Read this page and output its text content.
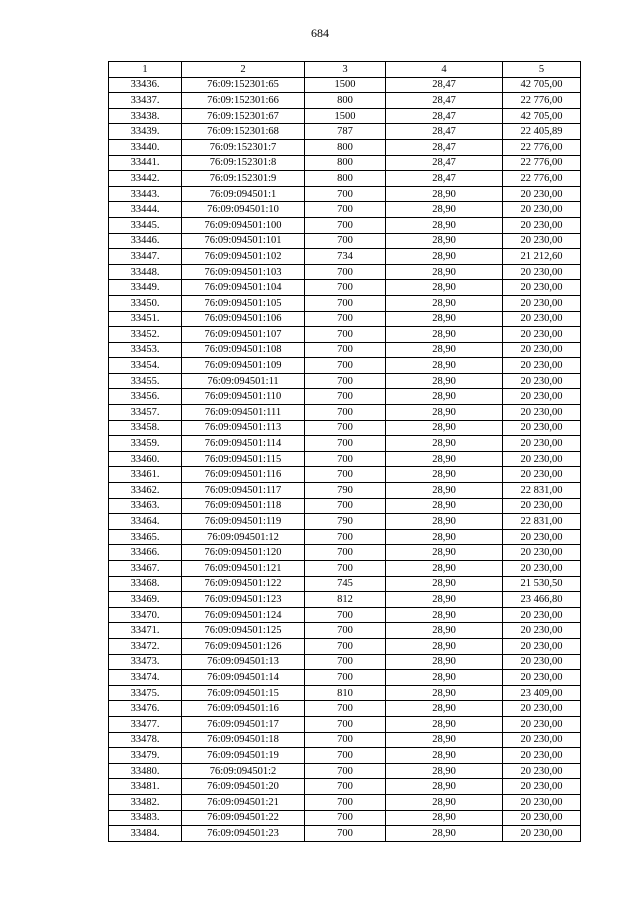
684
1	2	3	4	5
33436.	76:09:152301:65	1500	28,47	42 705,00
33437.	76:09:152301:66	800	28,47	22 776,00
33438.	76:09:152301:67	1500	28,47	42 705,00
33439.	76:09:152301:68	787	28,47	22 405,89
33440.	76:09:152301:7	800	28,47	22 776,00
33441.	76:09:152301:8	800	28,47	22 776,00
33442.	76:09:152301:9	800	28,47	22 776,00
33443.	76:09:094501:1	700	28,90	20 230,00
33444.	76:09:094501:10	700	28,90	20 230,00
33445.	76:09:094501:100	700	28,90	20 230,00
33446.	76:09:094501:101	700	28,90	20 230,00
33447.	76:09:094501:102	734	28,90	21 212,60
33448.	76:09:094501:103	700	28,90	20 230,00
33449.	76:09:094501:104	700	28,90	20 230,00
33450.	76:09:094501:105	700	28,90	20 230,00
33451.	76:09:094501:106	700	28,90	20 230,00
33452.	76:09:094501:107	700	28,90	20 230,00
33453.	76:09:094501:108	700	28,90	20 230,00
33454.	76:09:094501:109	700	28,90	20 230,00
33455.	76:09:094501:11	700	28,90	20 230,00
33456.	76:09:094501:110	700	28,90	20 230,00
33457.	76:09:094501:111	700	28,90	20 230,00
33458.	76:09:094501:113	700	28,90	20 230,00
33459.	76:09:094501:114	700	28,90	20 230,00
33460.	76:09:094501:115	700	28,90	20 230,00
33461.	76:09:094501:116	700	28,90	20 230,00
33462.	76:09:094501:117	790	28,90	22 831,00
33463.	76:09:094501:118	700	28,90	20 230,00
33464.	76:09:094501:119	790	28,90	22 831,00
33465.	76:09:094501:12	700	28,90	20 230,00
33466.	76:09:094501:120	700	28,90	20 230,00
33467.	76:09:094501:121	700	28,90	20 230,00
33468.	76:09:094501:122	745	28,90	21 530,50
33469.	76:09:094501:123	812	28,90	23 466,80
33470.	76:09:094501:124	700	28,90	20 230,00
33471.	76:09:094501:125	700	28,90	20 230,00
33472.	76:09:094501:126	700	28,90	20 230,00
33473.	76:09:094501:13	700	28,90	20 230,00
33474.	76:09:094501:14	700	28,90	20 230,00
33475.	76:09:094501:15	810	28,90	23 409,00
33476.	76:09:094501:16	700	28,90	20 230,00
33477.	76:09:094501:17	700	28,90	20 230,00
33478.	76:09:094501:18	700	28,90	20 230,00
33479.	76:09:094501:19	700	28,90	20 230,00
33480.	76:09:094501:2	700	28,90	20 230,00
33481.	76:09:094501:20	700	28,90	20 230,00
33482.	76:09:094501:21	700	28,90	20 230,00
33483.	76:09:094501:22	700	28,90	20 230,00
33484.	76:09:094501:23	700	28,90	20 230,00
